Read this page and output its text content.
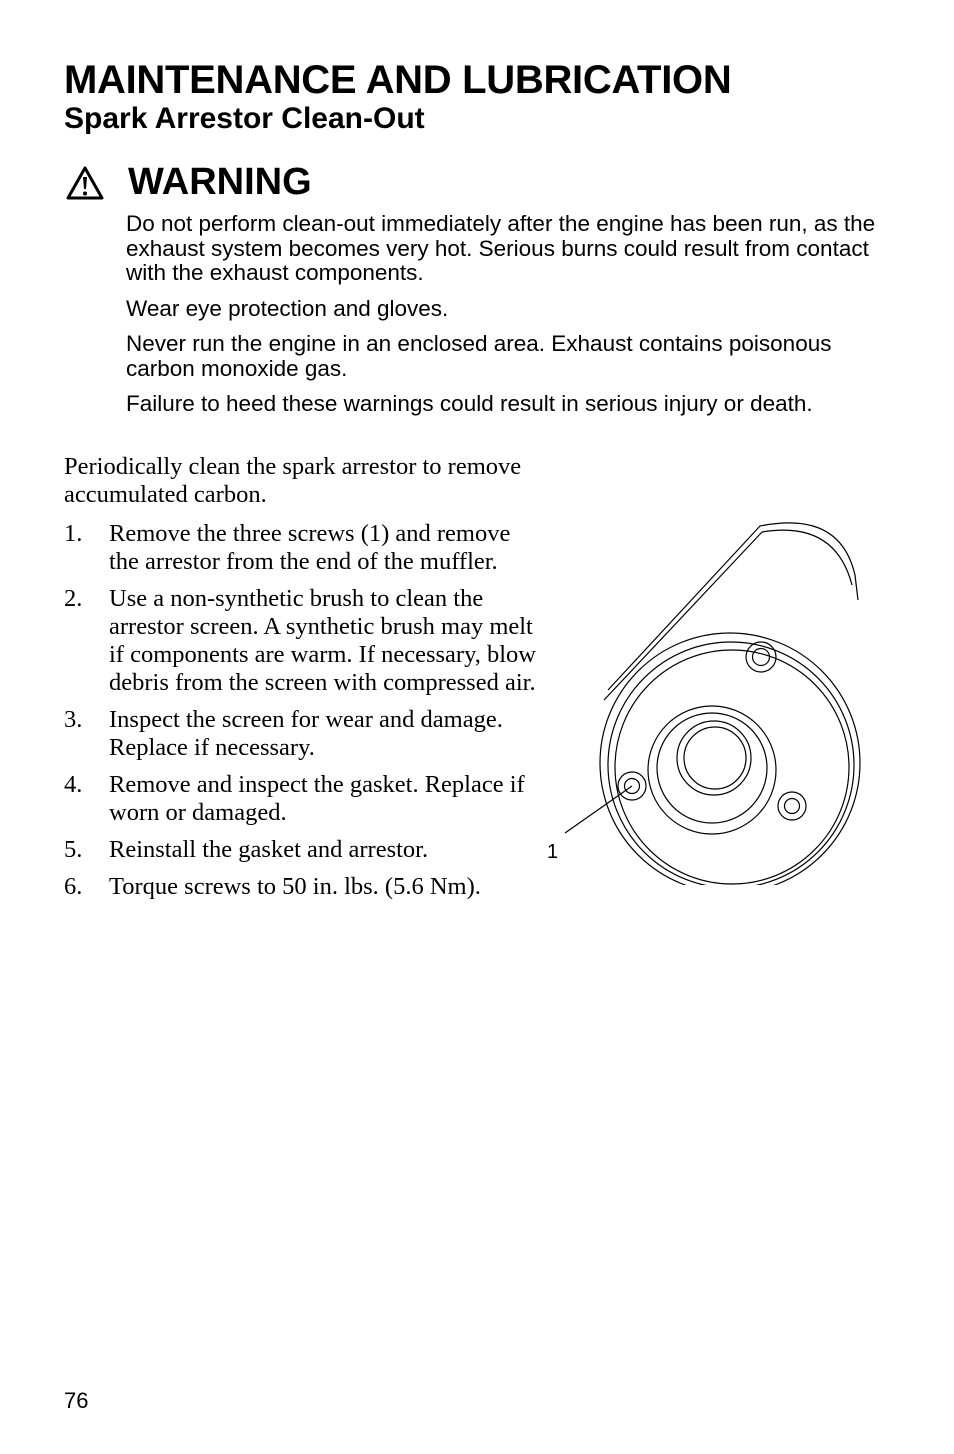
MAINTENANCE AND LUBRICATION
Spark Arrestor Clean-Out
WARNING

Do not perform clean-out immediately after the engine has been run, as the exhaust system becomes very hot. Serious burns could result from contact with the exhaust components.

Wear eye protection and gloves.

Never run the engine in an enclosed area. Exhaust contains poisonous carbon monoxide gas.

Failure to heed these warnings could result in serious injury or death.

Periodically clean the spark arrestor to remove accumulated carbon.

1.	Remove the three screws (1) and remove the arrestor from the end of the muffler.
2.	Use a non-synthetic brush to clean the arrestor screen. A synthetic brush may melt if components are warm. If necessary, blow debris from the screen with compressed air.
3.	Inspect the screen for wear and damage. Replace if necessary.
4.	Remove and inspect the gasket. Replace if worn or damaged.
5.	Reinstall the gasket and arrestor.
6.	Torque screws to 50 in. lbs. (5.6 Nm).

1

76
